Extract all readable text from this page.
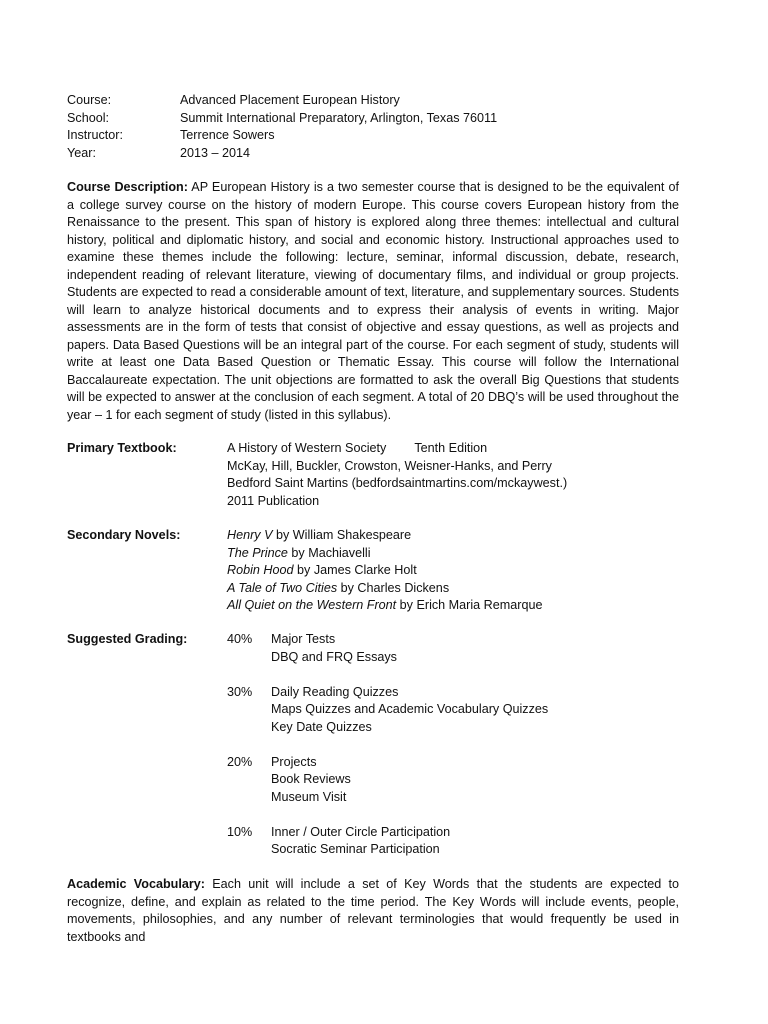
Course:	Advanced Placement European History
School:	Summit International Preparatory, Arlington, Texas 76011
Instructor:	Terrence Sowers
Year:	2013 – 2014

Course Description: AP European History is a two semester course that is designed to be the equivalent of a college survey course on the history of modern Europe. This course covers European history from the Renaissance to the present. This span of history is explored along three themes: intellectual and cultural history, political and diplomatic history, and social and economic history. Instructional approaches used to examine these themes include the following: lecture, seminar, informal discussion, debate, research, independent reading of relevant literature, viewing of documentary films, and individual or group projects. Students are expected to read a considerable amount of text, literature, and supplementary sources. Students will learn to analyze historical documents and to express their analysis of events in writing. Major assessments are in the form of tests that consist of objective and essay questions, as well as projects and papers. Data Based Questions will be an integral part of the course. For each segment of study, students will write at least one Data Based Question or Thematic Essay. This course will follow the International Baccalaureate expectation. The unit objections are formatted to ask the overall Big Questions that students will be expected to answer at the conclusion of each segment. A total of 20 DBQ’s will be used throughout the year – 1 for each segment of study (listed in this syllabus).

Primary Textbook:	A History of Western Society Tenth Edition
McKay, Hill, Buckler, Crowston, Weisner-Hanks, and Perry
Bedford Saint Martins (bedfordsaintmartins.com/mckaywest.)
2011 Publication
Secondary Novels:	Henry V by William Shakespeare
The Prince by Machiavelli
Robin Hood by James Clarke Holt
A Tale of Two Cities by Charles Dickens
All Quiet on the Western Front by Erich Maria Remarque
Suggested Grading:	40%	Major Tests
DBQ and FRQ Essays
30%	Daily Reading Quizzes
Maps Quizzes and Academic Vocabulary Quizzes
Key Date Quizzes
20%	Projects
Book Reviews
Museum Visit
10%	Inner / Outer Circle Participation
Socratic Seminar Participation

Academic Vocabulary: Each unit will include a set of Key Words that the students are expected to recognize, define, and explain as related to the time period. The Key Words will include events, people, movements, philosophies, and any number of relevant terminologies that would frequently be used in textbooks and
